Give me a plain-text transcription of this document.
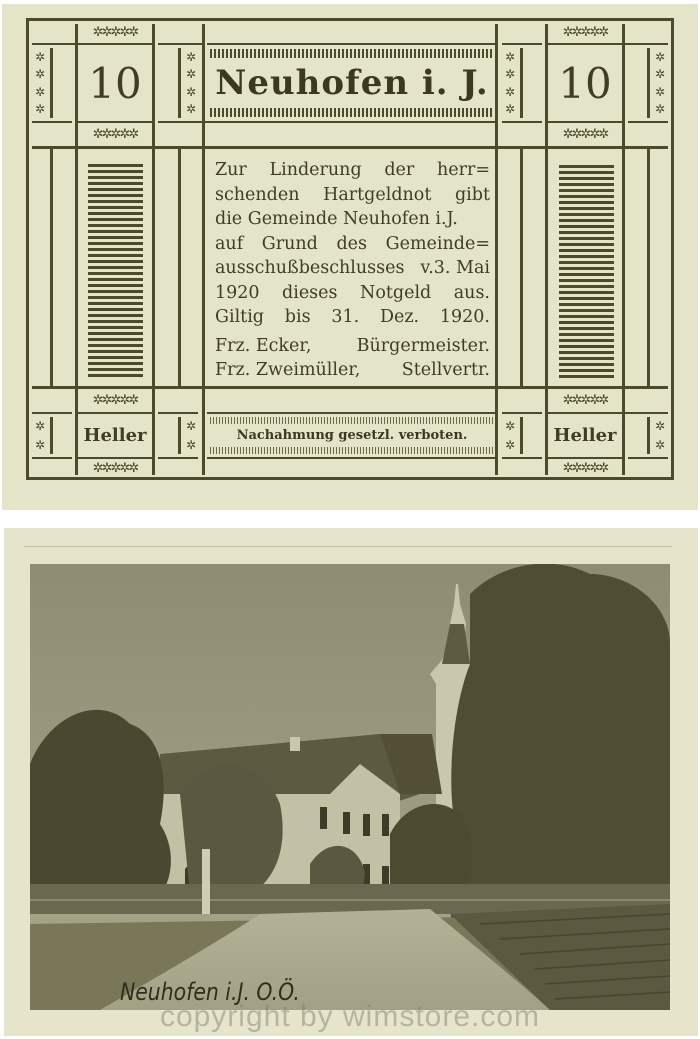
✲✲✲✲✲
✲✲✲✲✲
✲✲✲✲✲
✲✲✲✲✲
✲✲✲✲✲
✲✲✲✲✲
✲✲✲✲✲
✲✲✲✲✲
✲
✲
✲
✲
✲
✲
✲
✲
✲
✲
✲
✲
✲
✲
✲
✲
✲
✲
✲
✲
✲
✲
✲
✲
10	10
Neuhofen i. J.
Zur Linderung der herr=
schenden Hartgeldnot gibt
die Gemeinde Neuhofen i.J.
auf Grund des Gemeinde=
ausschußbeschlusses v.3. Mai
1920 dieses Notgeld aus.
Giltig bis 31. Dez. 1920.
Frz. Ecker,	Bürgermeister.
Frz. Zweimüller, Stellvertr.
Heller	Heller
Nachahmung gesetzl. verboten.
Neuhofen i.J. O.Ö.
copyright by wimstore.com
